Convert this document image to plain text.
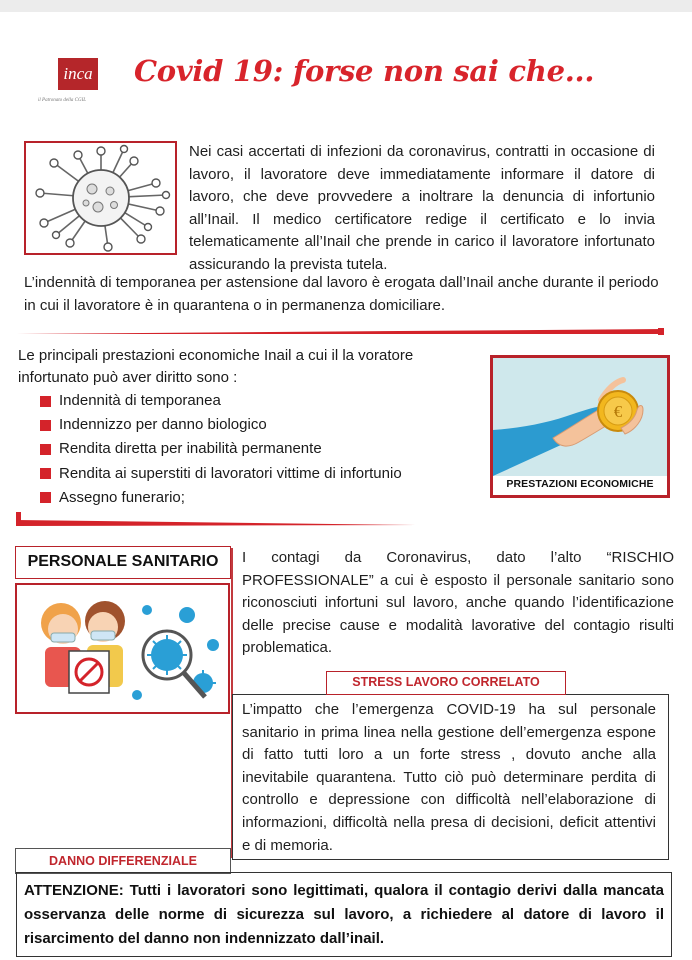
inca
il Patronato della CGIL
Covid 19: forse non sai che...
Nei casi accertati di infezioni da coronavirus, contratti in occasione di lavoro, il lavoratore deve immediatamente informare il datore di lavoro, che deve provvedere a inoltrare la denuncia di infortunio all’Inail. Il medico certificatore redige il certificato e lo invia telematicamente all’Inail che prende in carico il lavoratore infortunato assicurando la prevista tutela.
L’indennità di temporanea per astensione dal lavoro è erogata dall’Inail anche durante il periodo in cui il lavoratore è in quarantena o in permanenza domiciliare.
Le principali prestazioni economiche Inail a cui il la voratore infortunato può aver diritto sono :
Indennità di temporanea
Indennizzo per danno biologico
Rendita diretta per inabilità permanente
Rendita ai superstiti di lavoratori vittime di infortunio
Assegno funerario;
€
PRESTAZIONI ECONOMICHE
PERSONALE SANITARIO	I contagi da Coronavirus, dato l’alto “RISCHIO PROFESSIONALE” a cui è esposto il personale sanitario sono riconosciuti infortuni sul lavoro, anche quando l’identificazione delle precise cause e modalità lavorative del contagio risulti problematica.
STRESS LAVORO CORRELATO
L’impatto che l’emergenza COVID-19 ha sul personale sanitario in prima linea nella gestione dell’emergenza espone di fatto tutti loro a un forte stress , dovuto anche alla inevitabile quarantena. Tutto ciò può determinare perdita di controllo e depressione con difficoltà nell’elaborazione di informazioni, difficoltà nella presa di decisioni, deficit attentivi e di memoria.
DANNO DIFFERENZIALE
ATTENZIONE: Tutti i lavoratori sono legittimati, qualora il contagio derivi dalla mancata osservanza delle norme di sicurezza sul lavoro, a richiedere al datore di lavoro il risarcimento del danno non indennizzato dall’inail.
